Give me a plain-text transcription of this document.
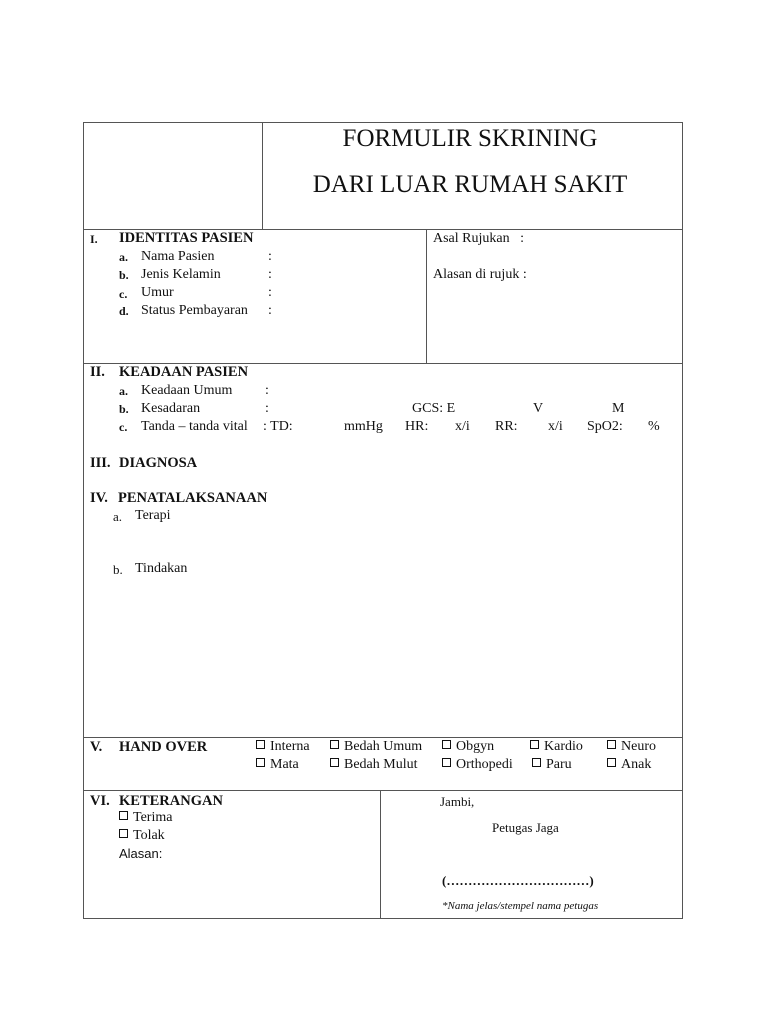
FORMULIR SKRINING
DARI LUAR RUMAH SAKIT
I. IDENTITAS PASIEN
a. Nama Pasien	:
b. Jenis Kelamin	:
c. Umur	:
d. Status Pembayaran :
Asal Rujukan   :
Alasan di rujuk :
II. KEADAAN PASIEN
a. Keadaan Umum :
b. Kesadaran	:	GCS: E	V	M
c. Tanda – tanda vital : TD:	mmHg HR: x/i RR: x/i SpO2: %
III. DIAGNOSA
IV. PENATALAKSANAAN
a. Terapi
b. Tindakan
V. HAND OVER	Interna	Bedah Umum	Obgyn	Kardio	Neuro
Mata	Bedah Mulut	Orthopedi	Paru	Anak
VI. KETERANGAN
Terima
Tolak
Alasan:
Jambi,
Petugas Jaga
(……………………………)
*Nama jelas/stempel nama petugas
